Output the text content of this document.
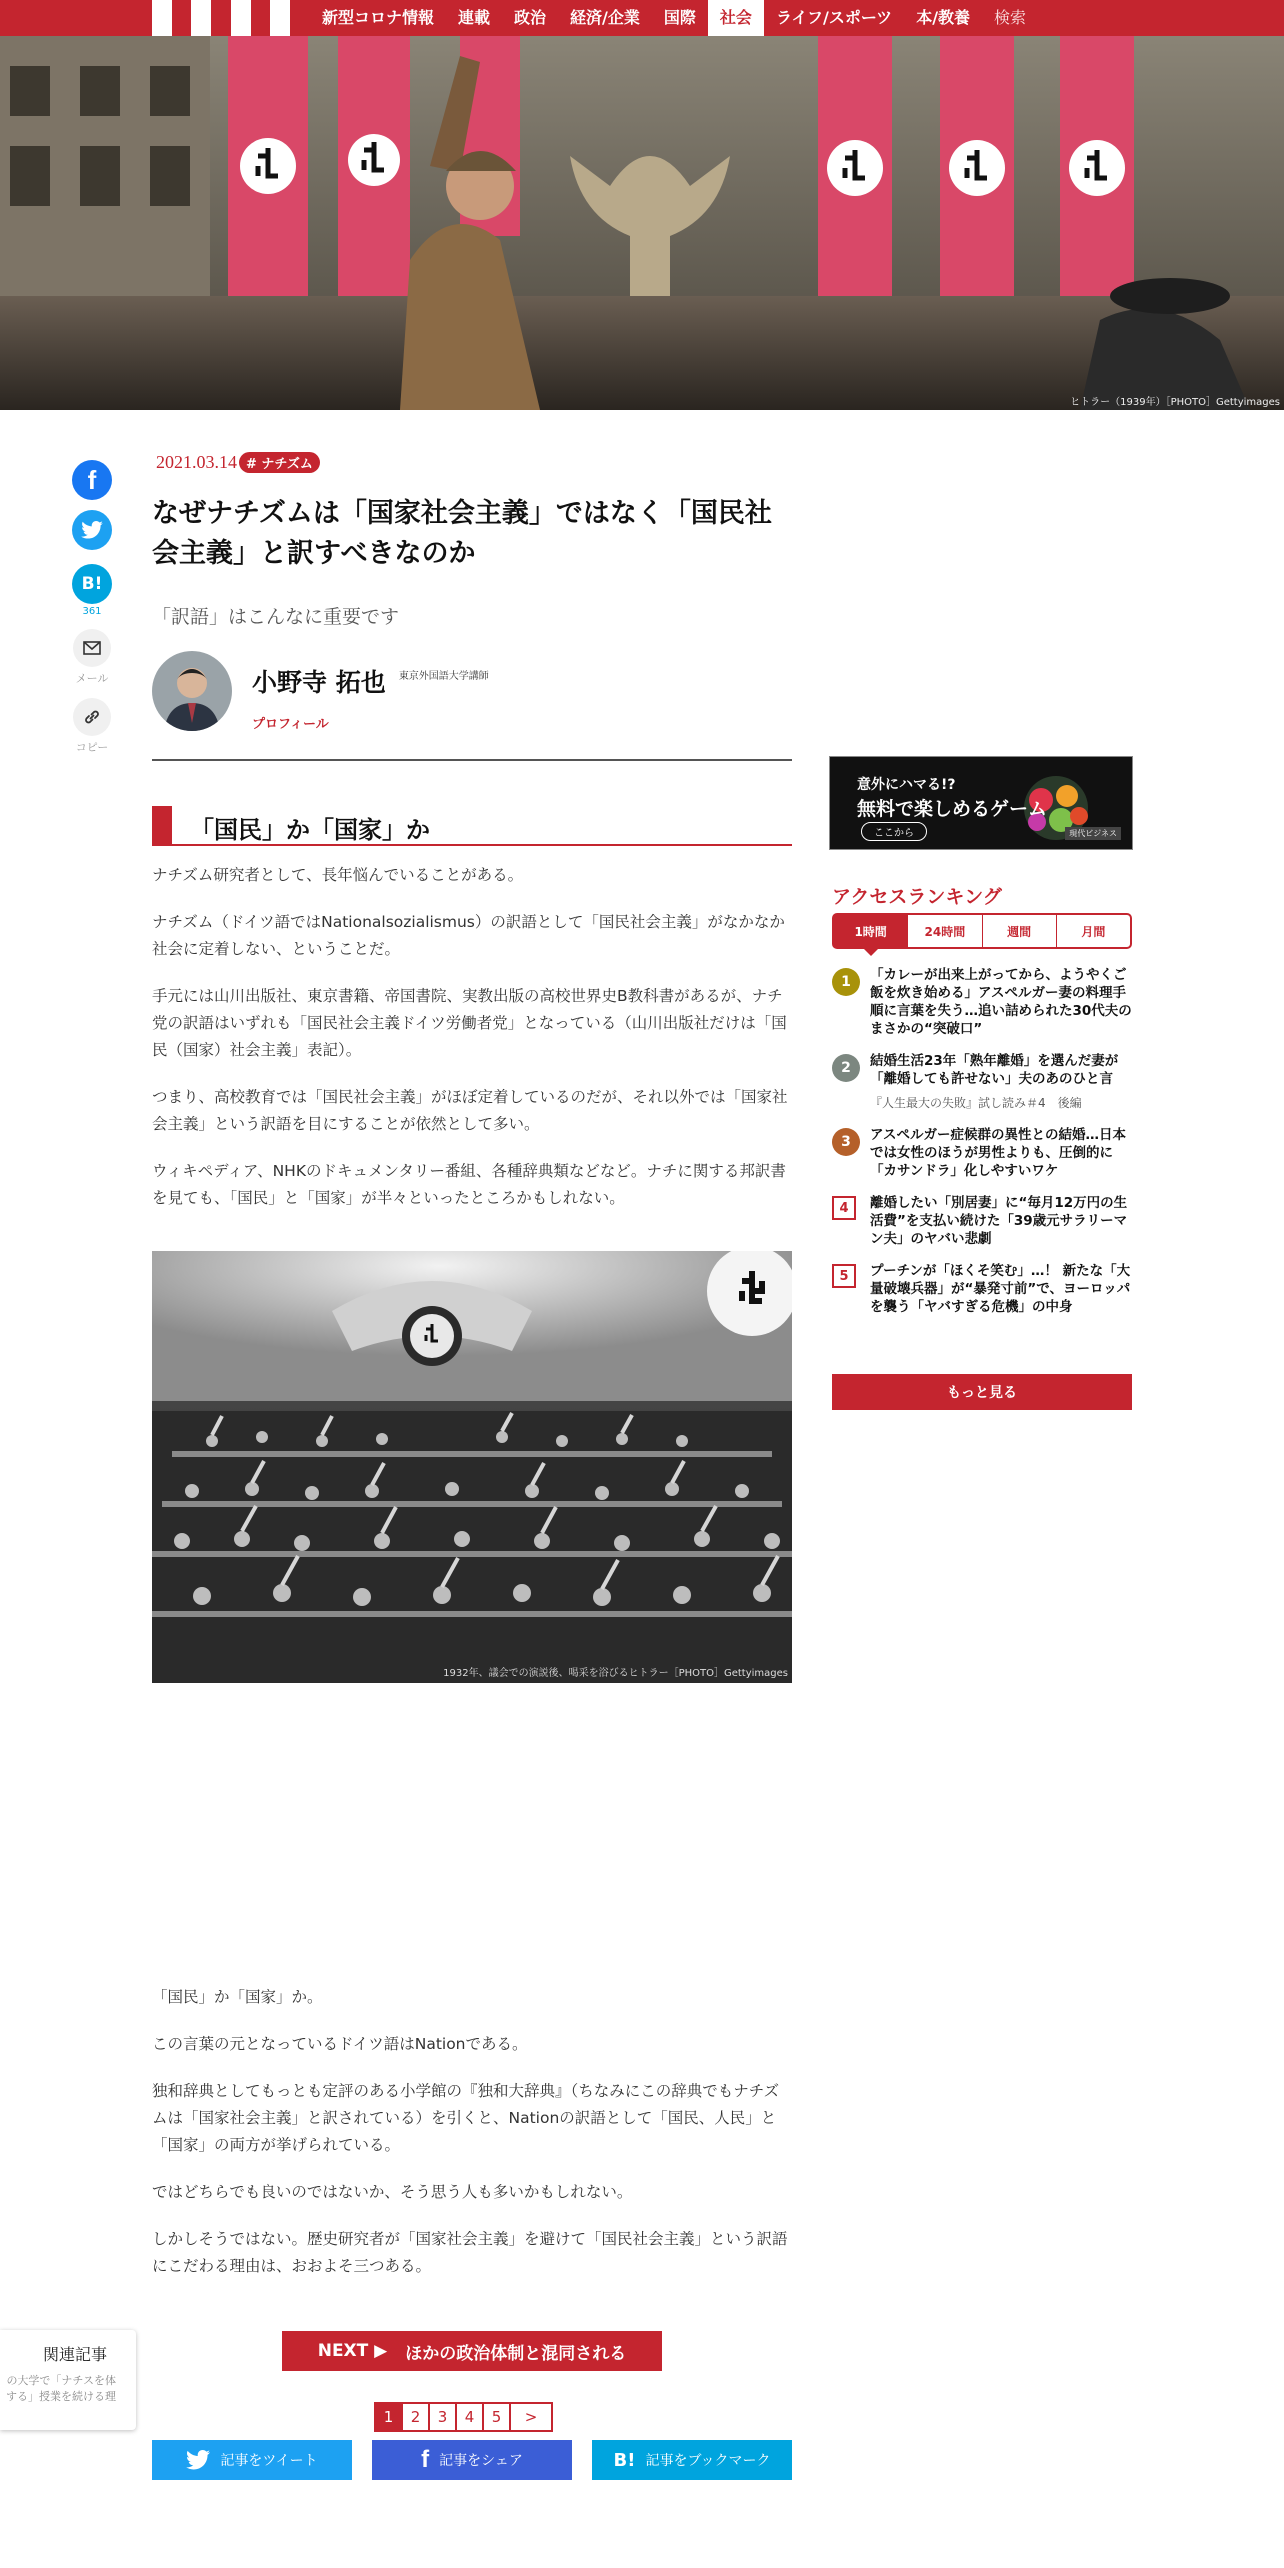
新型コロナ情報	連載	政治	経済/企業	国際	社会	ライフ/スポーツ	本/教養	検索
ヒトラー（1939年）［PHOTO］Gettyimages
f
B!
361
メール
コピー
2021.03.14 # ナチズム
なぜナチズムは「国家社会主義」ではなく「国民社会主義」と訳すべきなのか
「訳語」はこんなに重要です
小野寺 拓也 $^{東京外国語大学講師}$
プロフィール
「国民」か「国家」か

ナチズム研究者として、長年悩んでいることがある。

ナチズム（ドイツ語ではNationalsozialismus）の訳語として「国民社会主義」がなかなか社会に定着しない、ということだ。

手元には山川出版社、東京書籍、帝国書院、実教出版の高校世界史B教科書があるが、ナチ党の訳語はいずれも「国民社会主義ドイツ労働者党」となっている（山川出版社だけは「国民（国家）社会主義」表記）。

つまり、高校教育では「国民社会主義」がほぼ定着しているのだが、それ以外では「国家社会主義」という訳語を目にすることが依然として多い。

ウィキペディア、NHKのドキュメンタリー番組、各種辞典類などなど。ナチに関する邦訳書を見ても、「国民」と「国家」が半々といったところかもしれない。

1932年、議会での演説後、喝采を浴びるヒトラー［PHOTO］Gettyimages

「国民」か「国家」か。

この言葉の元となっているドイツ語はNationである。

独和辞典としてもっとも定評のある小学館の『独和大辞典』（ちなみにこの辞典でもナチズムは「国家社会主義」と訳されている）を引くと、Nationの訳語として「国民、人民」と「国家」の両方が挙げられている。

ではどちらでも良いのではないか、そう思う人も多いかもしれない。

しかしそうではない。歴史研究者が「国家社会主義」を避けて「国民社会主義」という訳語にこだわる理由は、おおよそ三つある。

関連記事
の大学で「ナチスを体
する」授業を続ける理
NEXT ▶ ほかの政治体制と混同される
1	2	3	4	5	>
記事をツイート	f 記事をシェア	B! 記事をブックマーク
意外にハマる!?
無料で楽しめるゲーム
ここから	現代ビジネス
アクセスランキング
1時間	24時間	週間	月間
1	「カレーが出来上がってから、ようやくご飯を炊き始める」アスペルガー妻の料理手順に言葉を失う…追い詰められた30代夫のまさかの“突破口”
2	結婚生活23年「熟年離婚」を選んだ妻が「離婚しても許せない」夫のあのひと言
『人生最大の失敗』試し読み＃4　後編
3	アスペルガー症候群の異性との結婚…日本では女性のほうが男性よりも、圧倒的に「カサンドラ」化しやすいワケ
4	離婚したい「別居妻」に“毎月12万円の生活費”を支払い続けた「39歳元サラリーマン夫」のヤバい悲劇
5	プーチンが「ほくそ笑む」…！ 新たな「大量破壊兵器」が“暴発寸前”で、ヨーロッパを襲う「ヤバすぎる危機」の中身
もっと見る
